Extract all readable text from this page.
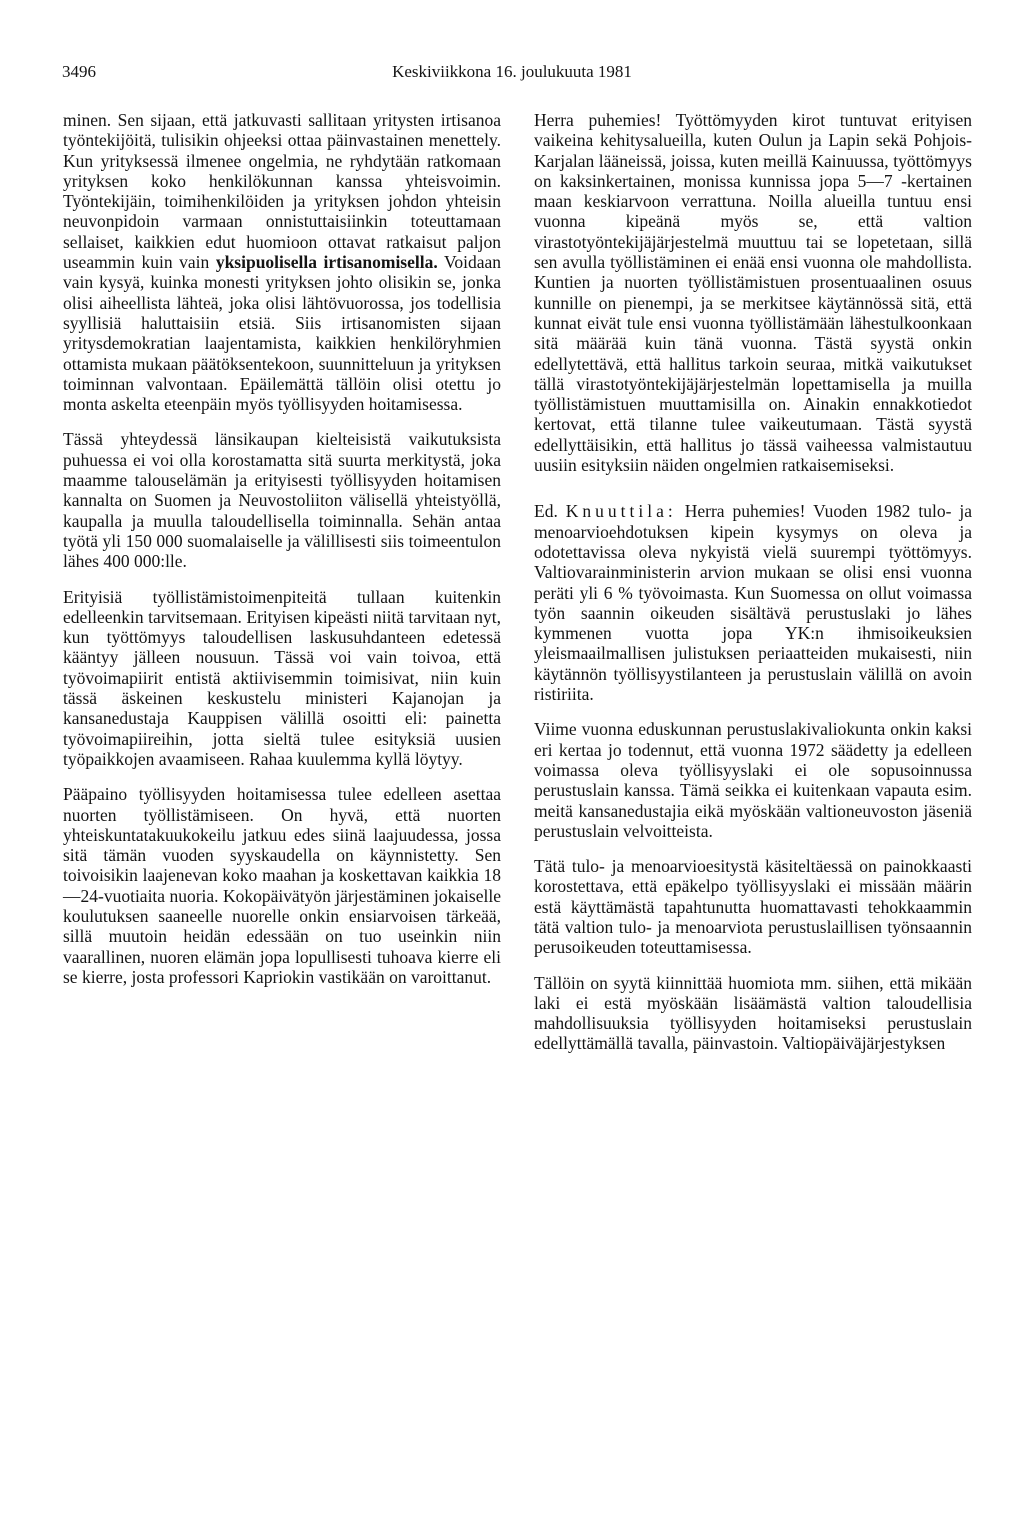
Keskiviikkona 16. joulukuuta 1981
3496

minen. Sen sijaan, että jatkuvasti sallitaan yritysten irtisanoa työntekijöitä, tulisikin ohjeeksi ottaa päinvastainen menettely. Kun yrityksessä ilmenee ongelmia, ne ryhdytään ratkomaan yrityksen koko henkilökunnan kanssa yhteisvoimin. Työntekijäin, toimihenkilöiden ja yrityksen johdon yhteisin neuvonpidoin varmaan onnistuttaisiinkin toteuttamaan sellaiset, kaikkien edut huomioon ottavat ratkaisut paljon useammin kuin vain yksipuolisella irtisanomisella. Voidaan vain kysyä, kuinka monesti yrityksen johto olisikin se, jonka olisi aiheellista lähteä, joka olisi lähtövuorossa, jos todellisia syyllisiä haluttaisiin etsiä. Siis irtisanomisten sijaan yritysdemokratian laajentamista, kaikkien henkilöryhmien ottamista mukaan päätöksentekoon, suunnitteluun ja yrityksen toiminnan valvontaan. Epäilemättä tällöin olisi otettu jo monta askelta eteenpäin myös työllisyyden hoitamisessa.

Tässä yhteydessä länsikaupan kielteisistä vaikutuksista puhuessa ei voi olla korostamatta sitä suurta merkitystä, joka maamme talouselämän ja erityisesti työllisyyden hoitamisen kannalta on Suomen ja Neuvostoliiton välisellä yhteistyöllä, kaupalla ja muulla taloudellisella toiminnalla. Sehän antaa työtä yli 150 000 suomalaiselle ja välillisesti siis toimeentulon lähes 400 000:lle.

Erityisiä työllistämistoimenpiteitä tullaan kuitenkin edelleenkin tarvitsemaan. Erityisen kipeästi niitä tarvitaan nyt, kun työttömyys taloudellisen laskusuhdanteen edetessä kääntyy jälleen nousuun. Tässä voi vain toivoa, että työvoimapiirit entistä aktiivisemmin toimisivat, niin kuin tässä äskeinen keskustelu ministeri Kajanojan ja kansanedustaja Kauppisen välillä osoitti eli: painetta työvoimapiireihin, jotta sieltä tulee esityksiä uusien työpaikkojen avaamiseen. Rahaa kuulemma kyllä löytyy.

Pääpaino työllisyyden hoitamisessa tulee edelleen asettaa nuorten työllistämiseen. On hyvä, että nuorten yhteiskuntatakuukokeilu jatkuu edes siinä laajuudessa, jossa sitä tämän vuoden syyskaudella on käynnistetty. Sen toivoisikin laajenevan koko maahan ja koskettavan kaikkia 18—24-vuotiaita nuoria. Kokopäivätyön järjestäminen jokaiselle koulutuksen saaneelle nuorelle onkin ensiarvoisen tärkeää, sillä muutoin heidän edessään on tuo useinkin niin vaarallinen, nuoren elämän jopa lopullisesti tuhoava kierre eli se kierre, josta professori Kapriokin vastikään on varoittanut.

Herra puhemies! Työttömyyden kirot tuntuvat erityisen vaikeina kehitysalueilla, kuten Oulun ja Lapin sekä Pohjois-Karjalan lääneissä, joissa, kuten meillä Kainuussa, työttömyys on kaksinkertainen, monissa kunnissa jopa 5—7 -kertainen maan keskiarvoon verrattuna. Noilla alueilla tuntuu ensi vuonna kipeänä myös se, että valtion virastotyöntekijäjärjestelmä muuttuu tai se lopetetaan, sillä sen avulla työllistäminen ei enää ensi vuonna ole mahdollista. Kuntien ja nuorten työllistämistuen prosentuaalinen osuus kunnille on pienempi, ja se merkitsee käytännössä sitä, että kunnat eivät tule ensi vuonna työllistämään lähestulkoonkaan sitä määrää kuin tänä vuonna. Tästä syystä onkin edellytettävä, että hallitus tarkoin seuraa, mitkä vaikutukset tällä virastotyöntekijäjärjestelmän lopettamisella ja muilla työllistämistuen muuttamisilla on. Ainakin ennakkotiedot kertovat, että tilanne tulee vaikeutumaan. Tästä syystä edellyttäisikin, että hallitus jo tässä vaiheessa valmistautuu uusiin esityksiin näiden ongelmien ratkaisemiseksi.

Ed. Knuuttila: Herra puhemies! Vuoden 1982 tulo- ja menoarvioehdotuksen kipein kysymys on oleva ja odotettavissa oleva nykyistä vielä suurempi työttömyys. Valtiovarainministerin arvion mukaan se olisi ensi vuonna peräti yli 6 % työvoimasta. Kun Suomessa on ollut voimassa työn saannin oikeuden sisältävä perustuslaki jo lähes kymmenen vuotta jopa YK:n ihmisoikeuksien yleismaailmallisen julistuksen periaatteiden mukaisesti, niin käytännön työllisyystilanteen ja perustuslain välillä on avoin ristiriita.

Viime vuonna eduskunnan perustuslakivaliokunta onkin kaksi eri kertaa jo todennut, että vuonna 1972 säädetty ja edelleen voimassa oleva työllisyyslaki ei ole sopusoinnussa perustuslain kanssa. Tämä seikka ei kuitenkaan vapauta esim. meitä kansanedustajia eikä myöskään valtioneuvoston jäseniä perustuslain velvoitteista.

Tätä tulo- ja menoarvioesitystä käsiteltäessä on painokkaasti korostettava, että epäkelpo työllisyyslaki ei missään määrin estä käyttämästä tapahtunutta huomattavasti tehokkaammin tätä valtion tulo- ja menoarviota perustuslaillisen työnsaannin perusoikeuden toteuttamisessa.

Tällöin on syytä kiinnittää huomiota mm. siihen, että mikään laki ei estä myöskään lisäämästä valtion taloudellisia mahdollisuuksia työllisyyden hoitamiseksi perustuslain edellyttämällä tavalla, päinvastoin. Valtiopäiväjärjestyksen
